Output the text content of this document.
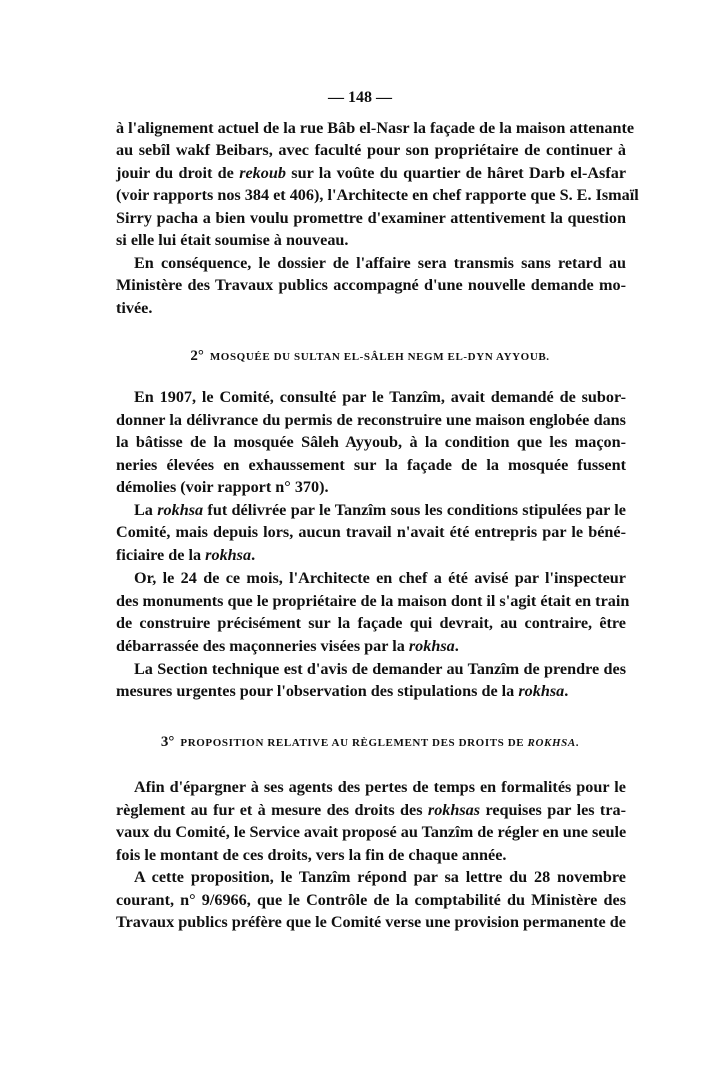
— 148 —
à l'alignement actuel de la rue Bâb el-Nasr la façade de la maison attenante
au sebîl wakf Beibars, avec faculté pour son propriétaire de continuer à
jouir du droit de rekoub sur la voûte du quartier de hâret Darb el-Asfar
(voir rapports nos 384 et 406), l'Architecte en chef rapporte que S. E. Ismaïl
Sirry pacha a bien voulu promettre d'examiner attentivement la question
si elle lui était soumise à nouveau.
En conséquence, le dossier de l'affaire sera transmis sans retard au
Ministère des Travaux publics accompagné d'une nouvelle demande mo-
tivée.
En 1907, le Comité, consulté par le Tanzîm, avait demandé de subor-
donner la délivrance du permis de reconstruire une maison englobée dans
la bâtisse de la mosquée Sâleh Ayyoub, à la condition que les maçon-
neries élevées en exhaussement sur la façade de la mosquée fussent
démolies (voir rapport n° 370).
La rokhsa fut délivrée par le Tanzîm sous les conditions stipulées par le
Comité, mais depuis lors, aucun travail n'avait été entrepris par le béné-
ficiaire de la rokhsa.
Or, le 24 de ce mois, l'Architecte en chef a été avisé par l'inspecteur
des monuments que le propriétaire de la maison dont il s'agit était en train
de construire précisément sur la façade qui devrait, au contraire, être
débarrassée des maçonneries visées par la rokhsa.
La Section technique est d'avis de demander au Tanzîm de prendre des
mesures urgentes pour l'observation des stipulations de la rokhsa.
Afin d'épargner à ses agents des pertes de temps en formalités pour le
règlement au fur et à mesure des droits des rokhsas requises par les tra-
vaux du Comité, le Service avait proposé au Tanzîm de régler en une seule
fois le montant de ces droits, vers la fin de chaque année.
A cette proposition, le Tanzîm répond par sa lettre du 28 novembre
courant, n° 9/6966, que le Contrôle de la comptabilité du Ministère des
Travaux publics préfère que le Comité verse une provision permanente de
2° MOSQUÉE DU SULTAN EL-SÂLEH NEGM EL-DYN AYYOUB.
3° PROPOSITION RELATIVE AU RÈGLEMENT DES DROITS DE ROKHSA.
